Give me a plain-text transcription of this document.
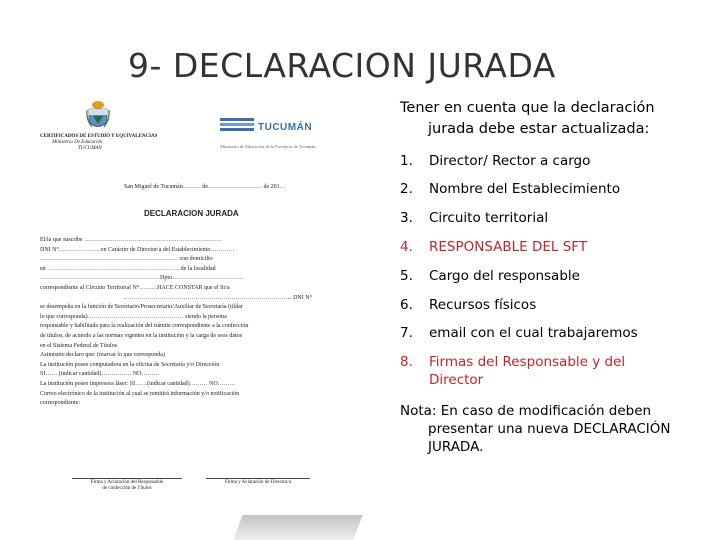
9- DECLARACION JURADA
CERTIFICADOS DE ESTUDIO Y EQUIVALENCIAS
Ministerio De Educación
TUCUMAN
TUCUMÁN
Ministerio de Educación de la Provincia de Tucumán
San Miguel de Tucumán……… de……………………… de 201…
DECLARACION JURADA
El/la que suscribe ……………………………………………………………
DNI N°…………………en Carácter de Director/a del Establecimiento…………
…………………………………………………………… con domicilio
en ………………………………………………………… de la localidad
……………………………………………………Dpto………………………………
correspondiente al Circuito Territorial N°………HACE CONSTAR que el Sr/a
………………………………………………………………………… DNI N°
se desempeña en la función de Secretario/Prosecretario/Auxiliar de Secretaría (tildar
lo que corresponda)………………………………………… siendo la persona
responsable y habilitada para la realización del trámite correspondiente a la confección
de títulos, de acuerdo a las normas vigentes en la institución y la carga de esos datos
en el Sistema Federal de Títulos
Asimismo declaro que: (marcar lo que corresponda)
La institución posee computadora en la oficina de Secretaría y/o Dirección
SI…… (indicar cantidad)…………… NO………
La institución posee impresora láser: SI……(indicar cantidad)……… NO………
Correo electrónico de la institución al cual se remitirá información y/o notificación
correspondiente:
Firma y Aclaración del Responsable
de confección de Títulos
Firma y Aclaración de Director/a
Tener en cuenta que la declaración
jurada debe estar actualizada:
1.	Director/ Rector a cargo
2.	Nombre del Establecimiento
3.	Circuito territorial
4.	RESPONSABLE DEL SFT
5.	Cargo del responsable
6.	Recursos físicos
7.	email con el cual trabajaremos
8.	Firmas del Responsable y del
Director
Nota: En caso de modificación deben
presentar una nueva DECLARACIÓN
JURADA.
